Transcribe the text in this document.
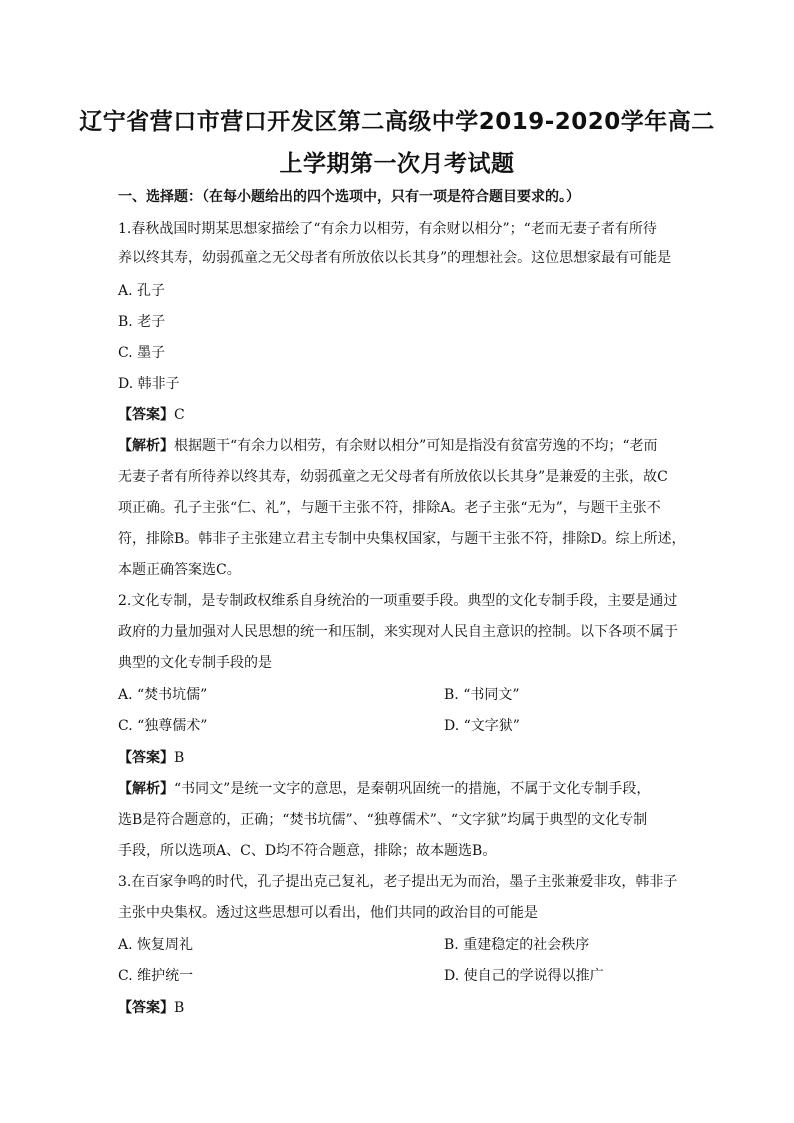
辽宁省营口市营口开发区第二高级中学2019-2020学年高二
上学期第一次月考试题
一、选择题：（在每小题给出的四个选项中，只有一项是符合题目要求的。）
1.春秋战国时期某思想家描绘了“有余力以相劳，有余财以相分”；“老而无妻子者有所待
养以终其寿，幼弱孤童之无父母者有所放依以长其身”的理想社会。这位思想家最有可能是
A. 孔子
B. 老子
C. 墨子
D. 韩非子
【答案】C
【解析】根据题干“有余力以相劳，有余财以相分”可知是指没有贫富劳逸的不均；“老而
无妻子者有所待养以终其寿，幼弱孤童之无父母者有所放依以长其身”是兼爱的主张，故C
项正确。孔子主张“仁、礼”，与题干主张不符，排除A。老子主张“无为”，与题干主张不
符，排除B。韩非子主张建立君主专制中央集权国家，与题干主张不符，排除D。综上所述，
本题正确答案选C。
2.文化专制，是专制政权维系自身统治的一项重要手段。典型的文化专制手段，主要是通过
政府的力量加强对人民思想的统一和压制，来实现对人民自主意识的控制。以下各项不属于
典型的文化专制手段的是
A. “焚书坑儒”	B. “书同文”
C. “独尊儒术”	D. “文字狱”
【答案】B
【解析】“书同文”是统一文字的意思，是秦朝巩固统一的措施，不属于文化专制手段，
选B是符合题意的，正确；“焚书坑儒”、“独尊儒术”、“文字狱”均属于典型的文化专制
手段，所以选项A、C、D均不符合题意，排除；故本题选B。
3.在百家争鸣的时代，孔子提出克己复礼，老子提出无为而治，墨子主张兼爱非攻，韩非子
主张中央集权。透过这些思想可以看出，他们共同的政治目的可能是
A. 恢复周礼	B. 重建稳定的社会秩序
C. 维护统一	D. 使自己的学说得以推广
【答案】B
